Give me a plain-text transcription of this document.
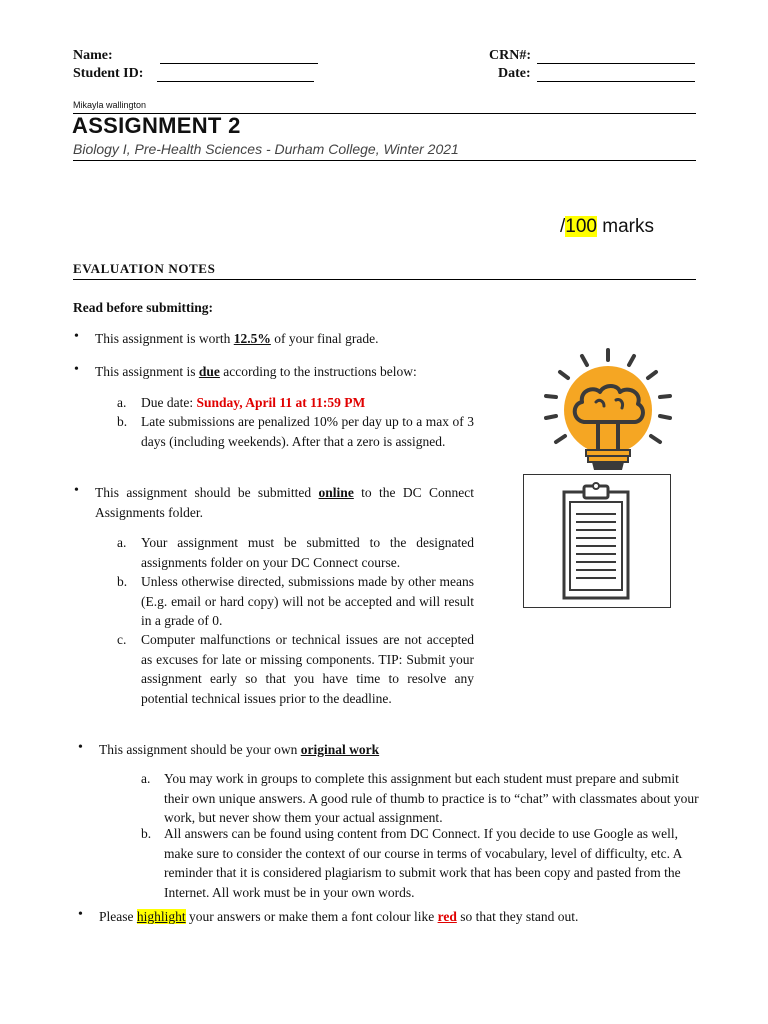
Name:
Student ID:
CRN#:
Date:
Mikayla wallington
ASSIGNMENT 2
Biology I, Pre-Health Sciences - Durham College, Winter 2021
/100 marks
EVALUATION NOTES
Read before submitting:
• This assignment is worth 12.5% of your final grade.
• This assignment is due according to the instructions below:
a. Due date: Sunday, April 11 at 11:59 PM
b. Late submissions are penalized 10% per day up to a max of 3 days (including weekends). After that a zero is assigned.
• This assignment should be submitted online to the DC Connect Assignments folder.
a. Your assignment must be submitted to the designated assignments folder on your DC Connect course.
b. Unless otherwise directed, submissions made by other means (E.g. email or hard copy) will not be accepted and will result in a grade of 0.
c. Computer malfunctions or technical issues are not accepted as excuses for late or missing components. TIP: Submit your assignment early so that you have time to resolve any potential technical issues prior to the deadline.
• This assignment should be your own original work
a. You may work in groups to complete this assignment but each student must prepare and submit their own unique answers. A good rule of thumb to practice is to “chat” with classmates about your work, but never show them your actual assignment.
b. All answers can be found using content from DC Connect. If you decide to use Google as well, make sure to consider the context of our course in terms of vocabulary, level of difficulty, etc. A reminder that it is considered plagiarism to submit work that has been copy and pasted from the Internet. All work must be in your own words.
• Please highlight your answers or make them a font colour like red so that they stand out.
